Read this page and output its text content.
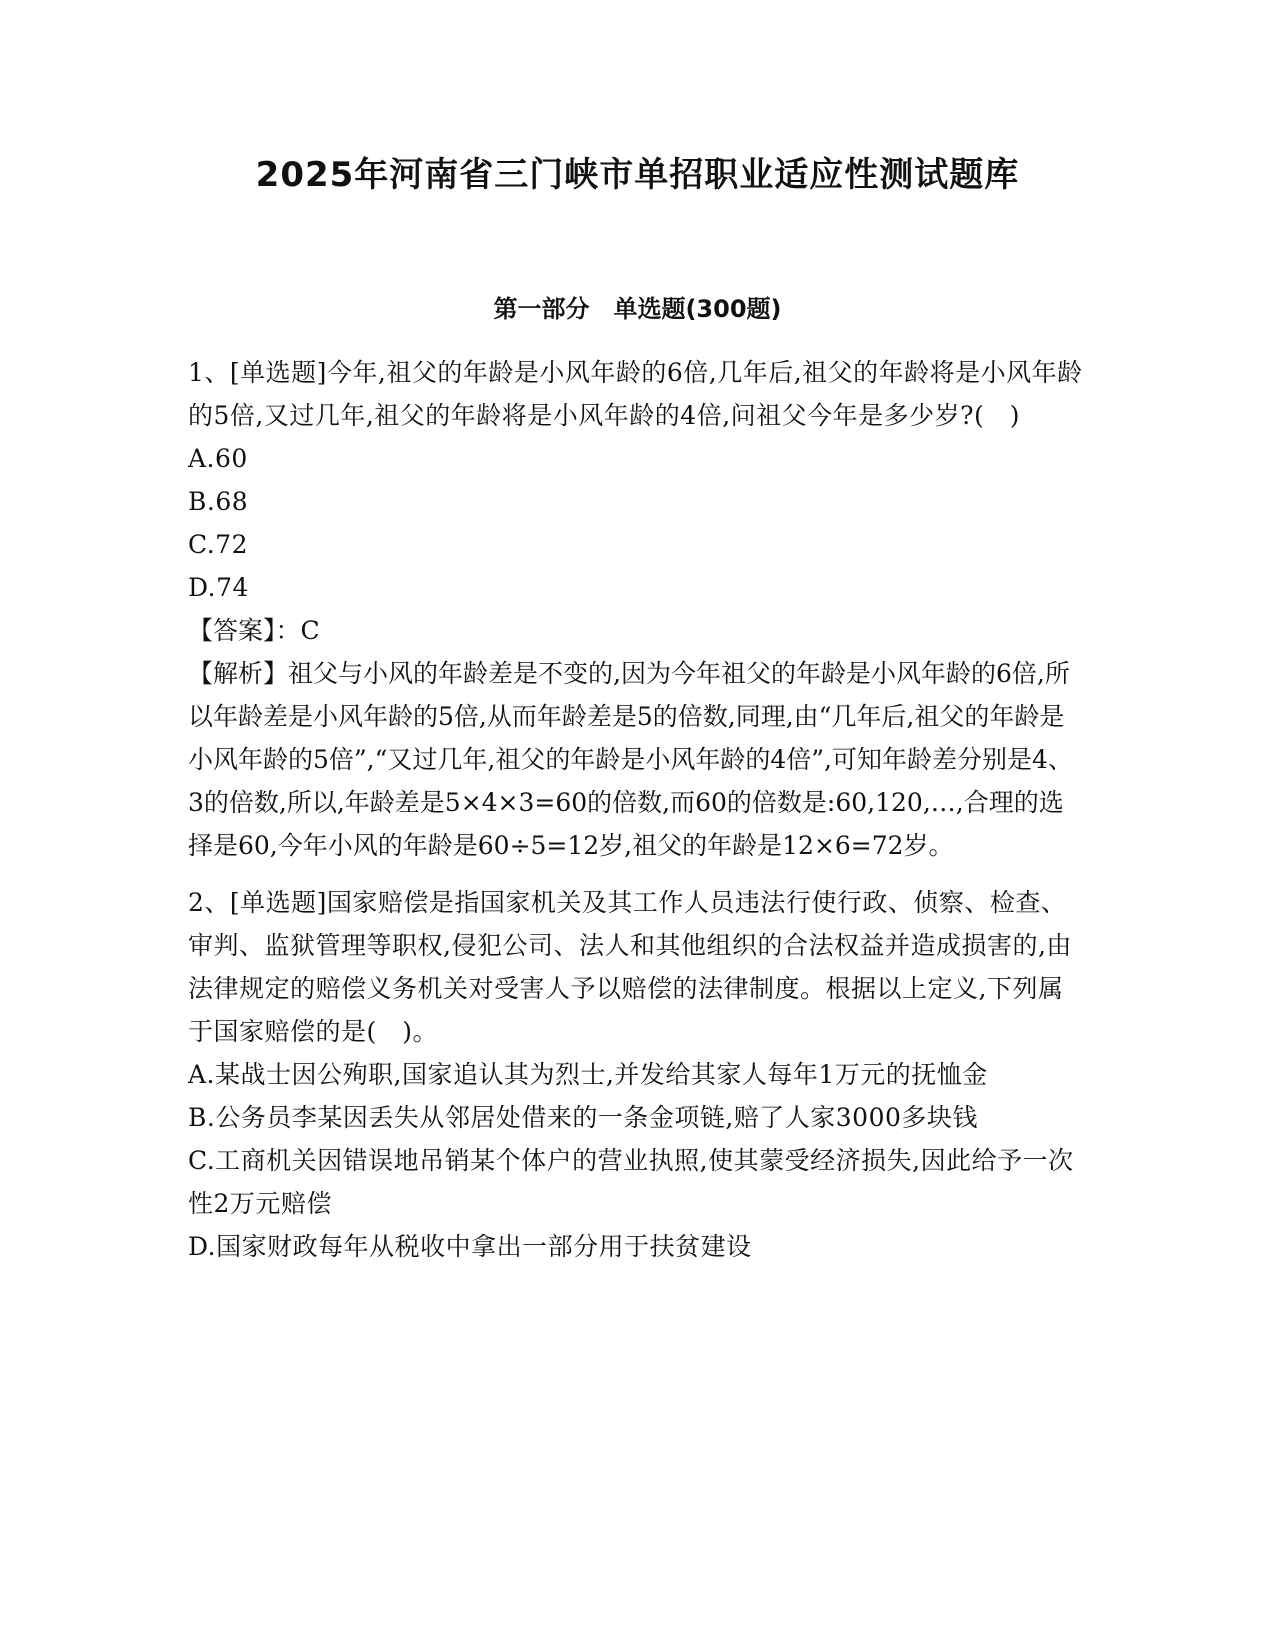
2025年河南省三门峡市单招职业适应性测试题库
第一部分　单选题(300题)

1、[单选题]今年,祖父的年龄是小风年龄的6倍,几年后,祖父的年龄将是小风年龄的5倍,又过几年,祖父的年龄将是小风年龄的4倍,问祖父今年是多少岁?(　)

A.60

B.68

C.72

D.74

【答案】：C

【解析】祖父与小风的年龄差是不变的,因为今年祖父的年龄是小风年龄的6倍,所以年龄差是小风年龄的5倍,从而年龄差是5的倍数,同理,由“几年后,祖父的年龄是小风年龄的5倍”,“又过几年,祖父的年龄是小风年龄的4倍”,可知年龄差分别是4、3的倍数,所以,年龄差是5×4×3=60的倍数,而60的倍数是:60,120,…,合理的选择是60,今年小风的年龄是60÷5=12岁,祖父的年龄是12×6=72岁。

2、[单选题]国家赔偿是指国家机关及其工作人员违法行使行政、侦察、检查、审判、监狱管理等职权,侵犯公司、法人和其他组织的合法权益并造成损害的,由法律规定的赔偿义务机关对受害人予以赔偿的法律制度。根据以上定义,下列属于国家赔偿的是(　)。

A.某战士因公殉职,国家追认其为烈士,并发给其家人每年1万元的抚恤金

B.公务员李某因丢失从邻居处借来的一条金项链,赔了人家3000多块钱

C.工商机关因错误地吊销某个体户的营业执照,使其蒙受经济损失,因此给予一次性2万元赔偿

D.国家财政每年从税收中拿出一部分用于扶贫建设
